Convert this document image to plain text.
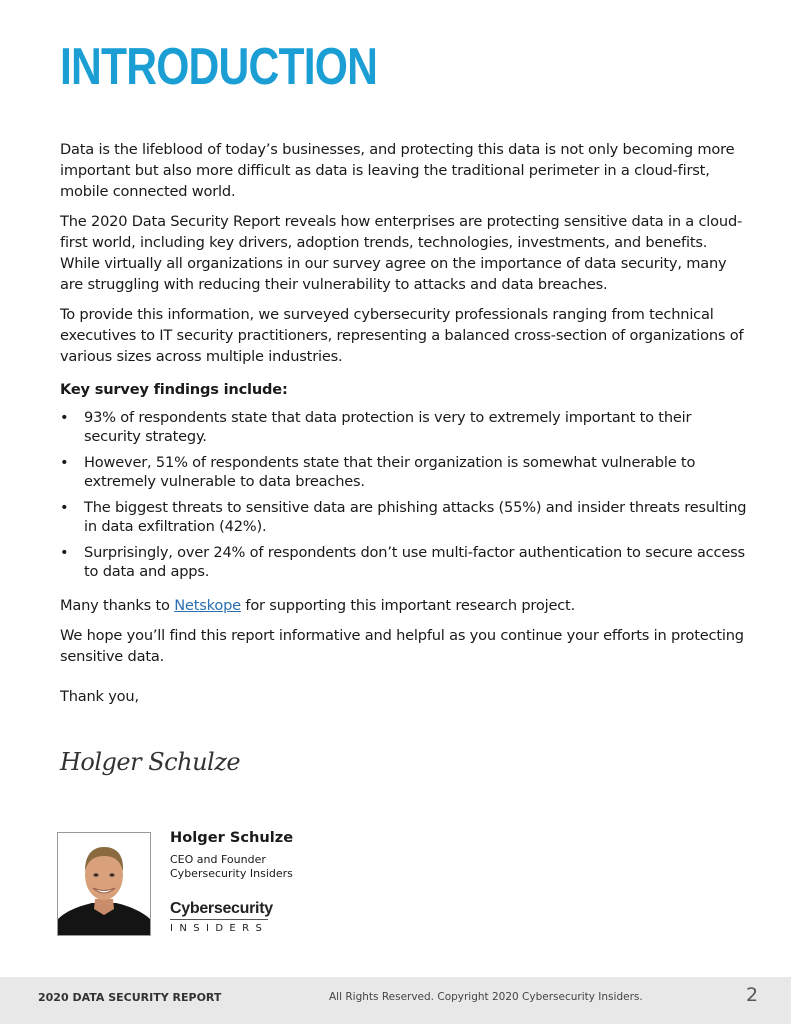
INTRODUCTION

Data is the lifeblood of today’s businesses, and protecting this data is not only becoming more important but also more difficult as data is leaving the traditional perimeter in a cloud-first, mobile connected world.

The 2020 Data Security Report reveals how enterprises are protecting sensitive data in a cloud-first world, including key drivers, adoption trends, technologies, investments, and benefits. While virtually all organizations in our survey agree on the importance of data security, many are struggling with reducing their vulnerability to attacks and data breaches.

To provide this information, we surveyed cybersecurity professionals ranging from technical executives to IT security practitioners, representing a balanced cross-section of organizations of various sizes across multiple industries.

Key survey findings include:

• 93% of respondents state that data protection is very to extremely important to their security strategy.
• However, 51% of respondents state that their organization is somewhat vulnerable to extremely vulnerable to data breaches.
• The biggest threats to sensitive data are phishing attacks (55%) and insider threats resulting in data exfiltration (42%).
• Surprisingly, over 24% of respondents don’t use multi-factor authentication to secure access to data and apps.

Many thanks to Netskope for supporting this important research project.

We hope you’ll find this report informative and helpful as you continue your efforts in protecting sensitive data.

Thank you,

Holger Schulze
Holger Schulze
CEO and Founder
Cybersecurity Insiders
Cybersecurity
INSIDERS
2020 DATA SECURITY REPORT	All Rights Reserved. Copyright 2020 Cybersecurity Insiders.	2
